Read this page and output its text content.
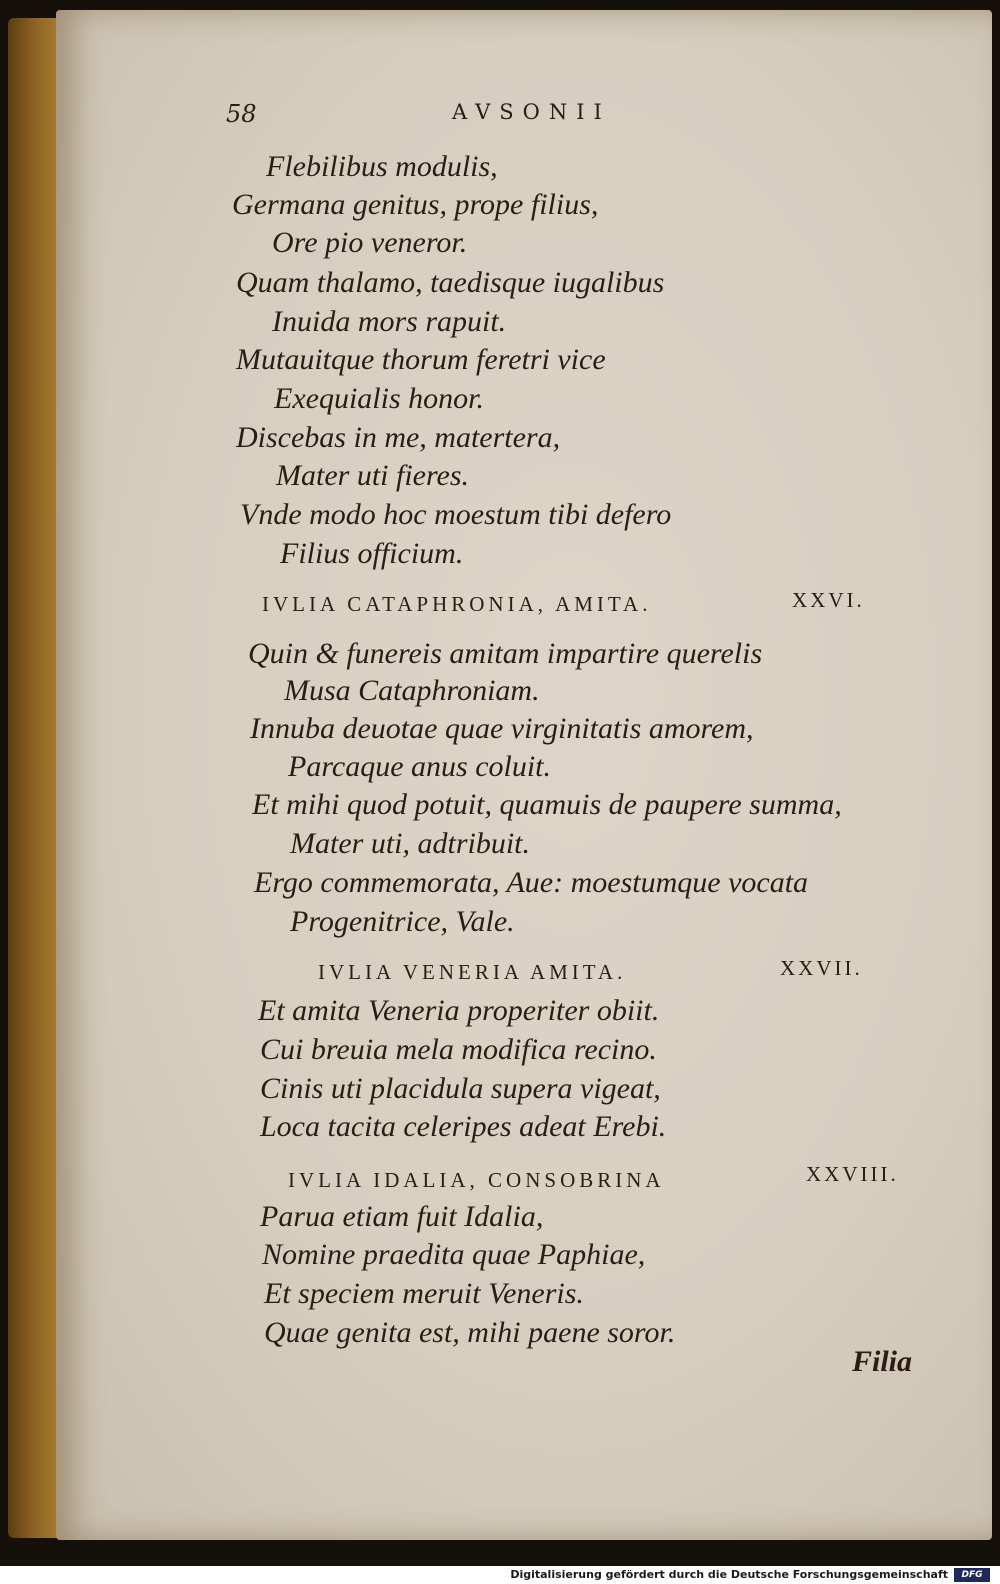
58	AVSONII
Flebilibus modulis,
Germana genitus, prope filius,
Ore pio veneror.
Quam thalamo, taedisque iugalibus
Inuida mors rapuit.
Mutauitque thorum feretri vice
Exequialis honor.
Discebas in me, matertera,
Mater uti fieres.
Vnde modo hoc moestum tibi defero
Filius officium.
IVLIA CATAPHRONIA, AMITA.	XXVI.
Quin & funereis amitam impartire querelis
Musa Cataphroniam.
Innuba deuotae quae virginitatis amorem,
Parcaque anus coluit.
Et mihi quod potuit, quamuis de paupere summa,
Mater uti, adtribuit.
Ergo commemorata, Aue: moestumque vocata
Progenitrice, Vale.
IVLIA VENERIA AMITA.	XXVII.
Et amita Veneria properiter obiit.
Cui breuia mela modifica recino.
Cinis uti placidula supera vigeat,
Loca tacita celeripes adeat Erebi.
IVLIA IDALIA, CONSOBRINA	XXVIII.
Parua etiam fuit Idalia,
Nomine praedita quae Paphiae,
Et speciem meruit Veneris.
Quae genita est, mihi paene soror.
Filia
Digitalisierung gefördert durch die Deutsche Forschungsgemeinschaft	DFG
